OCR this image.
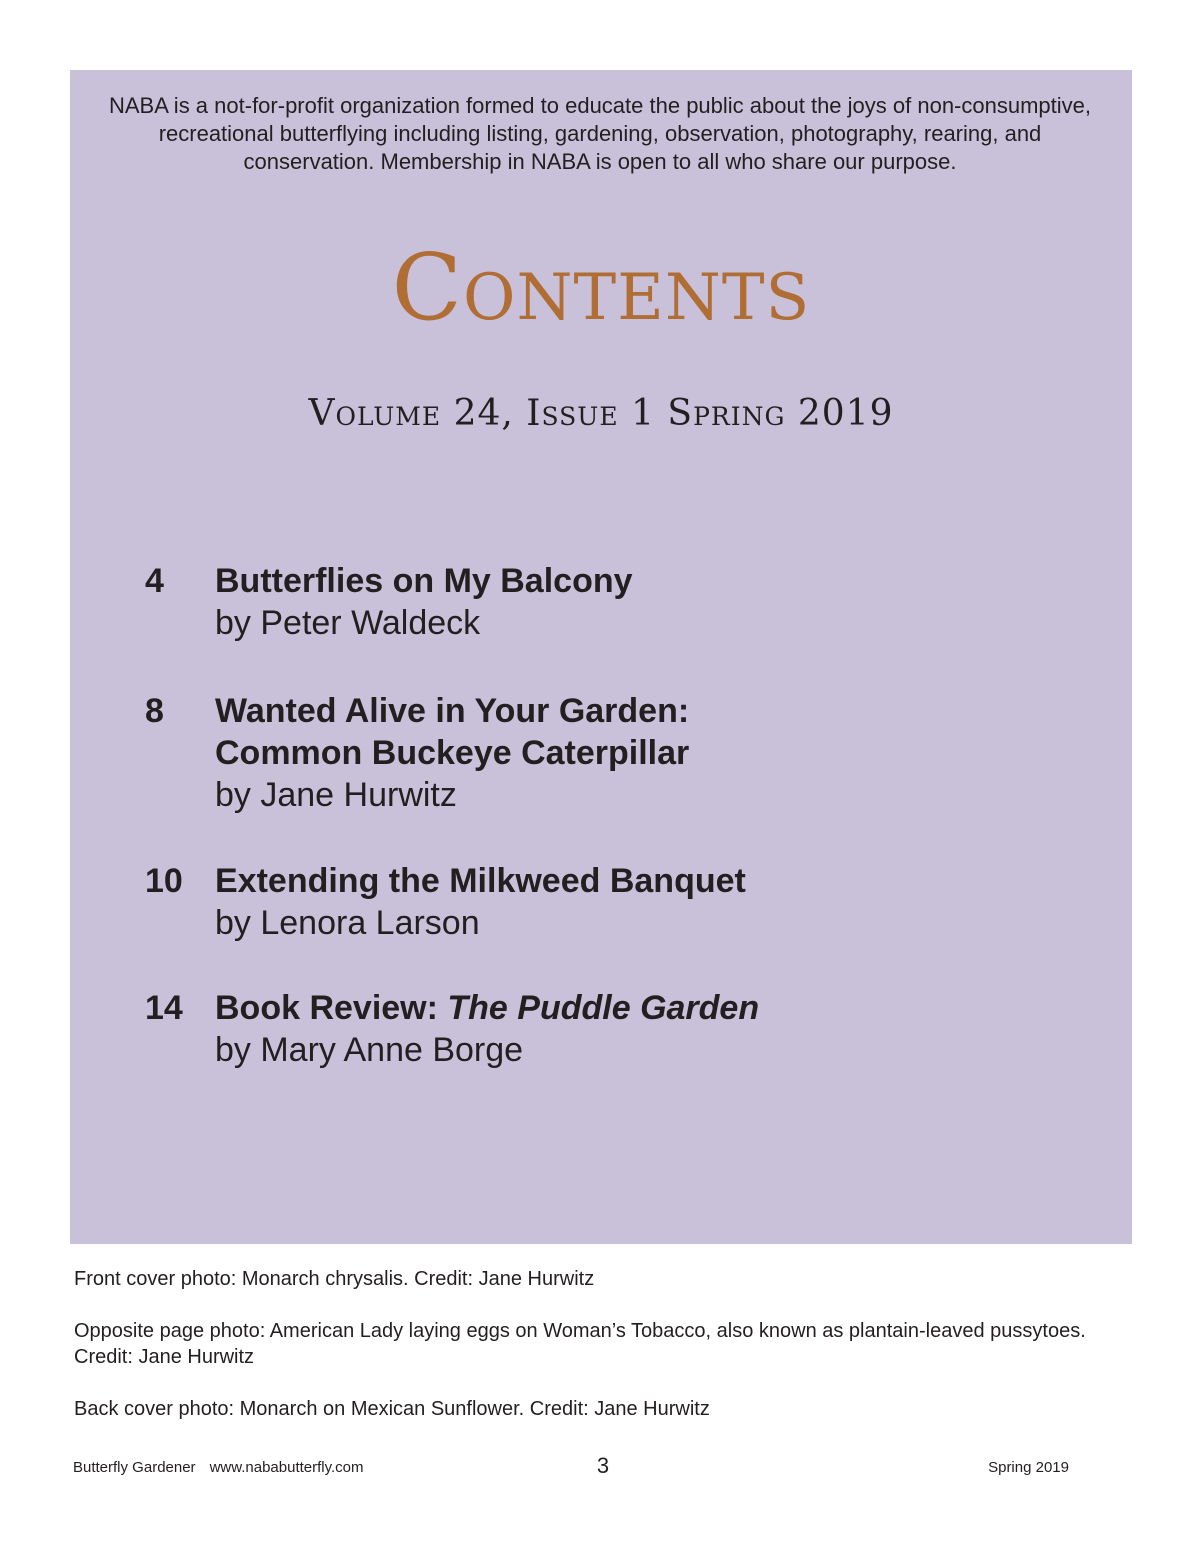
NABA is a not-for-profit organization formed to educate the public about the joys of non-consumptive, recreational butterflying including listing, gardening, observation, photography, rearing, and conservation. Membership in NABA is open to all who share our purpose.
Contents
Volume 24, Issue 1 Spring 2019
4 Butterflies on My Balcony
by Peter Waldeck
8 Wanted Alive in Your Garden:
Common Buckeye Caterpillar
by Jane Hurwitz
10 Extending the Milkweed Banquet
by Lenora Larson
14 Book Review: The Puddle Garden
by Mary Anne Borge

Front cover photo: Monarch chrysalis. Credit: Jane Hurwitz

Opposite page photo: American Lady laying eggs on Woman’s Tobacco, also known as plantain-leaved pussytoes. Credit: Jane Hurwitz

Back cover photo: Monarch on Mexican Sunflower. Credit: Jane Hurwitz

Butterfly Gardener www.nababutterfly.com	3	Spring 2019
